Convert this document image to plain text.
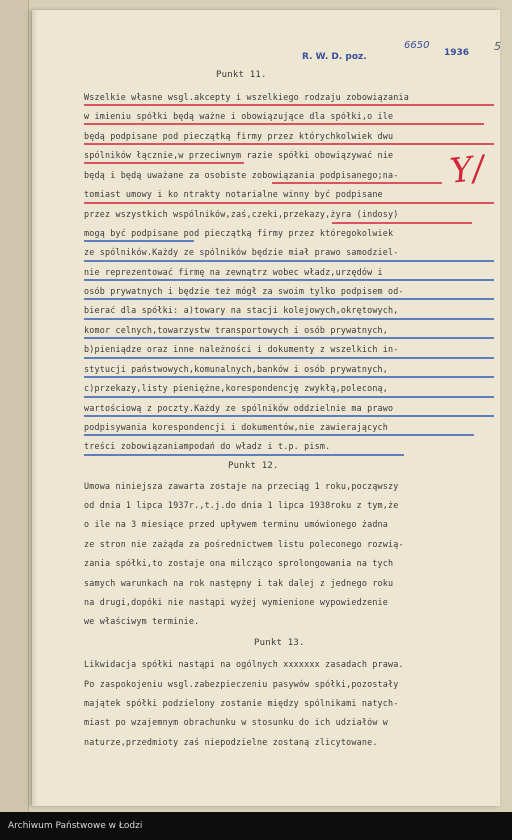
R. W. D. poz.
6650
1936 5
Y/
Punkt 11.
Wszelkie własne wsgl.akcepty i wszelkiego rodzaju zobowiązania
w imieniu spółki będą ważne i obowiązujące dla spółki,o ile
będą podpisane pod pieczątką firmy przez którychkolwiek dwu
spólników łącznie,w przeciwnym razie spółki obowiązywać nie
będą i będą uważane za osobiste zobowiązania podpisanego;na-
tomiast umowy i ko ntrakty notarialne winny być podpisane
przez wszystkich wspólników,zaś,czeki,przekazy,żyra (indosy)
mogą być podpisane pod pieczątką firmy przez któregokolwiek
ze spólników.Każdy ze spólników będzie miał prawo samodziel-
nie reprezentować firmę na zewnątrz wobec władz,urzędów i
osób prywatnych i będzie też mógł za swoim tylko podpisem od-
bierać dla spółki: a)towary na stacji kolejowych,okrętowych,
komor celnych,towarzystw transportowych i osób prywatnych,
b)pieniądze oraz inne należności i dokumenty z wszelkich in-
stytucji państwowych,komunalnych,banków i osób prywatnych,
c)przekazy,listy pieniężne,korespondencję zwykłą,poleconą,
wartościową z poczty.Każdy ze spólników oddzielnie ma prawo
podpisywania korespondencji i dokumentów,nie zawierających
treści zobowiązaniampodań do władz i t.p. pism.
Punkt 12.
Umowa niniejsza zawarta zostaje na przeciąg 1 roku,począwszy
od dnia 1 lipca 1937r.,t.j.do dnia 1 lipca 1938roku z tym,że
o ile na 3 miesiące przed upływem terminu umówionego żadna
ze stron nie zażąda za pośrednictwem listu poleconego rozwią-
zania spółki,to zostaje ona milcząco sprolongowania na tych
samych warunkach na rok następny i tak dalej z jednego roku
na drugi,dopóki nie nastąpi wyżej wymienione wypowiedzenie
we właściwym terminie.
Punkt 13.
Likwidacja spółki nastąpi na ogólnych xxxxxxx zasadach prawa.
Po zaspokojeniu wsgl.zabezpieczeniu pasywów spółki,pozostały
majątek spółki podzielony zostanie między spólnikami natych-
miast po wzajemnym obrachunku w stosunku do ich udziałów w
naturze,przedmioty zaś niepodzielne zostaną zlicytowane.
Archiwum Państwowe w Łodzi
